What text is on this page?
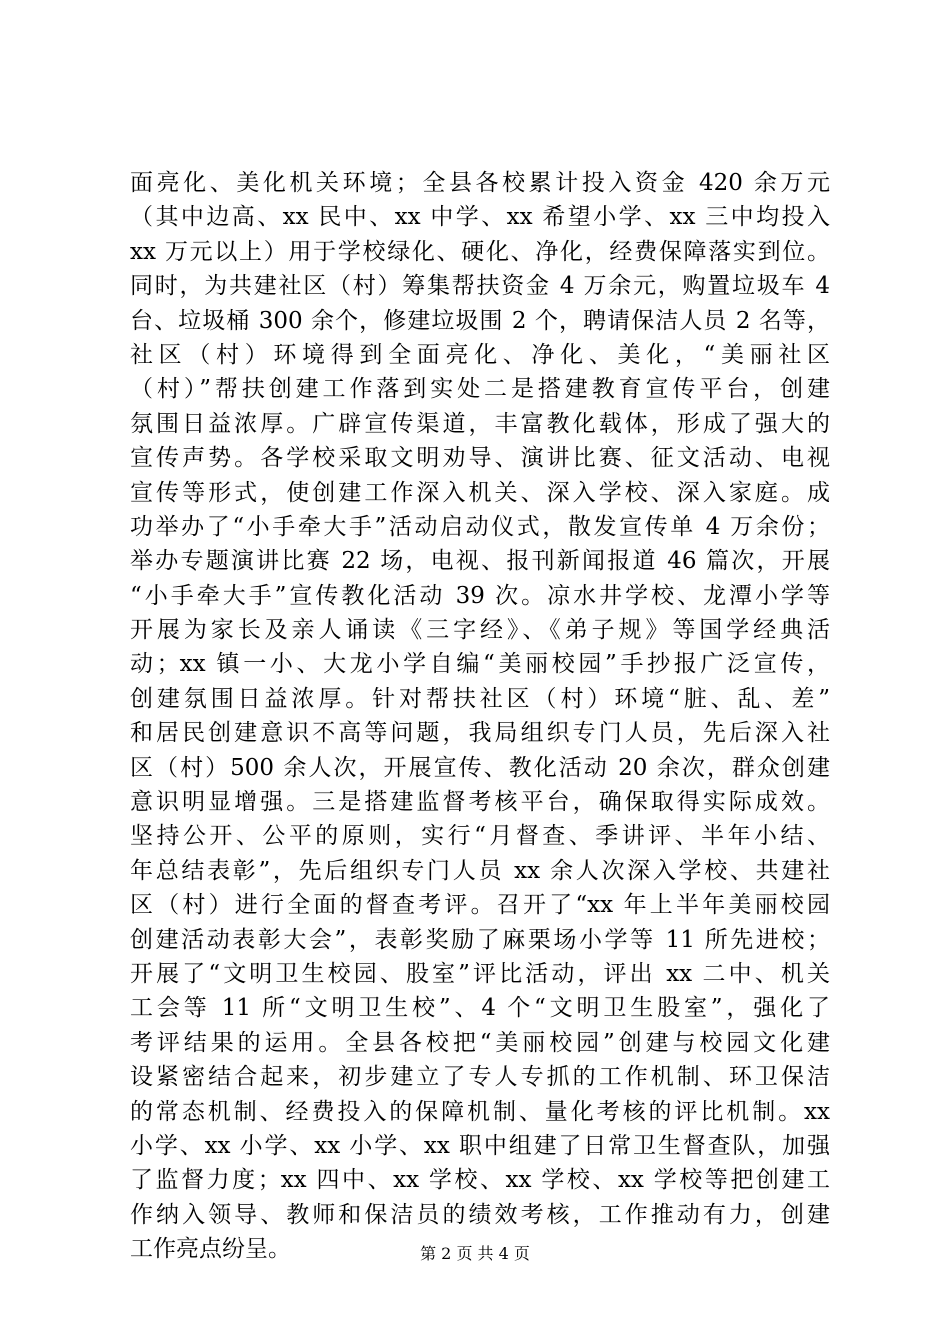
面亮化、美化机关环境；全县各校累计投入资金 420 余万元
（其中边高、xx 民中、xx 中学、xx 希望小学、xx 三中均投入
xx 万元以上）用于学校绿化、硬化、净化，经费保障落实到位。
同时，为共建社区（村）筹集帮扶资金 4 万余元，购置垃圾车 4
台、垃圾桶 300 余个，修建垃圾围 2 个，聘请保洁人员 2 名等，
社区（村）环境得到全面亮化、净化、美化，“美丽社区
（村）”帮扶创建工作落到实处二是搭建教育宣传平台，创建
氛围日益浓厚。广辟宣传渠道，丰富教化载体，形成了强大的
宣传声势。各学校采取文明劝导、演讲比赛、征文活动、电视
宣传等形式，使创建工作深入机关、深入学校、深入家庭。成
功举办了“小手牵大手”活动启动仪式，散发宣传单 4 万余份；
举办专题演讲比赛 22 场，电视、报刊新闻报道 46 篇次，开展
“小手牵大手”宣传教化活动 39 次。凉水井学校、龙潭小学等
开展为家长及亲人诵读《三字经》、《弟子规》等国学经典活
动；xx 镇一小、大龙小学自编“美丽校园”手抄报广泛宣传，
创建氛围日益浓厚。针对帮扶社区（村）环境“脏、乱、差”
和居民创建意识不高等问题，我局组织专门人员，先后深入社
区（村）500 余人次，开展宣传、教化活动 20 余次，群众创建
意识明显增强。三是搭建监督考核平台，确保取得实际成效。
坚持公开、公平的原则，实行“月督查、季讲评、半年小结、
年总结表彰”，先后组织专门人员 xx 余人次深入学校、共建社
区（村）进行全面的督查考评。召开了“xx 年上半年美丽校园
创建活动表彰大会”，表彰奖励了麻栗场小学等 11 所先进校；
开展了“文明卫生校园、股室”评比活动，评出 xx 二中、机关
工会等 11 所“文明卫生校”、4 个“文明卫生股室”，强化了
考评结果的运用。全县各校把“美丽校园”创建与校园文化建
设紧密结合起来，初步建立了专人专抓的工作机制、环卫保洁
的常态机制、经费投入的保障机制、量化考核的评比机制。xx
小学、xx 小学、xx 小学、xx 职中组建了日常卫生督查队，加强
了监督力度；xx 四中、xx 学校、xx 学校、xx 学校等把创建工
作纳入领导、教师和保洁员的绩效考核，工作推动有力，创建
工作亮点纷呈。	第 2 页 共 4 页
